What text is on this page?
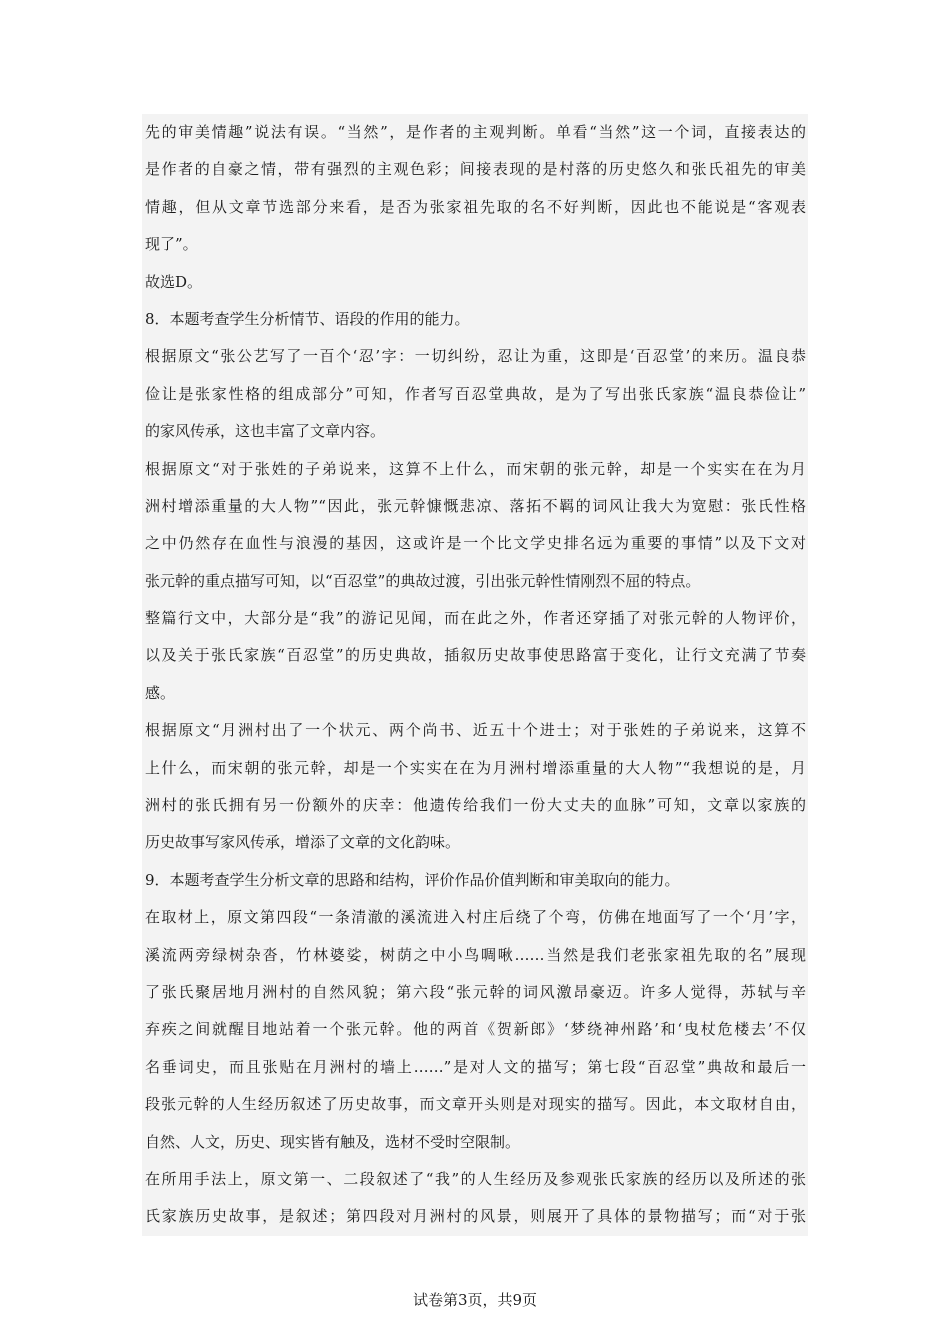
先的审美情趣”说法有误。“当然”，是作者的主观判断。单看“当然”这一个词，直接表达的
是作者的自豪之情，带有强烈的主观色彩；间接表现的是村落的历史悠久和张氏祖先的审美
情趣，但从文章节选部分来看，是否为张家祖先取的名不好判断，因此也不能说是“客观表
现了”。
故选D。
8．本题考查学生分析情节、语段的作用的能力。
根据原文“张公艺写了一百个‘忍’字：一切纠纷，忍让为重，这即是‘百忍堂’的来历。温良恭
俭让是张家性格的组成部分”可知，作者写百忍堂典故，是为了写出张氏家族“温良恭俭让”
的家风传承，这也丰富了文章内容。
根据原文“对于张姓的子弟说来，这算不上什么，而宋朝的张元幹，却是一个实实在在为月
洲村增添重量的大人物”“因此，张元幹慷慨悲凉、落拓不羁的词风让我大为宽慰：张氏性格
之中仍然存在血性与浪漫的基因，这或许是一个比文学史排名远为重要的事情”以及下文对
张元幹的重点描写可知，以“百忍堂”的典故过渡，引出张元幹性情刚烈不屈的特点。
整篇行文中，大部分是“我”的游记见闻，而在此之外，作者还穿插了对张元幹的人物评价，
以及关于张氏家族“百忍堂”的历史典故，插叙历史故事使思路富于变化，让行文充满了节奏
感。
根据原文“月洲村出了一个状元、两个尚书、近五十个进士；对于张姓的子弟说来，这算不
上什么，而宋朝的张元幹，却是一个实实在在为月洲村增添重量的大人物”“我想说的是，月
洲村的张氏拥有另一份额外的庆幸：他遗传给我们一份大丈夫的血脉”可知，文章以家族的
历史故事写家风传承，增添了文章的文化韵味。
9．本题考查学生分析文章的思路和结构，评价作品价值判断和审美取向的能力。
在取材上，原文第四段“一条清澈的溪流进入村庄后绕了个弯，仿佛在地面写了一个‘月’字，
溪流两旁绿树杂沓，竹林婆娑，树荫之中小鸟啁啾……当然是我们老张家祖先取的名”展现
了张氏聚居地月洲村的自然风貌；第六段“张元幹的词风激昂豪迈。许多人觉得，苏轼与辛
弃疾之间就醒目地站着一个张元幹。他的两首《贺新郎》‘梦绕神州路’和‘曳杖危楼去’不仅
名垂词史，而且张贴在月洲村的墙上……”是对人文的描写；第七段“百忍堂”典故和最后一
段张元幹的人生经历叙述了历史故事，而文章开头则是对现实的描写。因此，本文取材自由，
自然、人文，历史、现实皆有触及，选材不受时空限制。
在所用手法上，原文第一、二段叙述了“我”的人生经历及参观张氏家族的经历以及所述的张
氏家族历史故事，是叙述；第四段对月洲村的风景，则展开了具体的景物描写；而“对于张
试卷第3页，共9页
